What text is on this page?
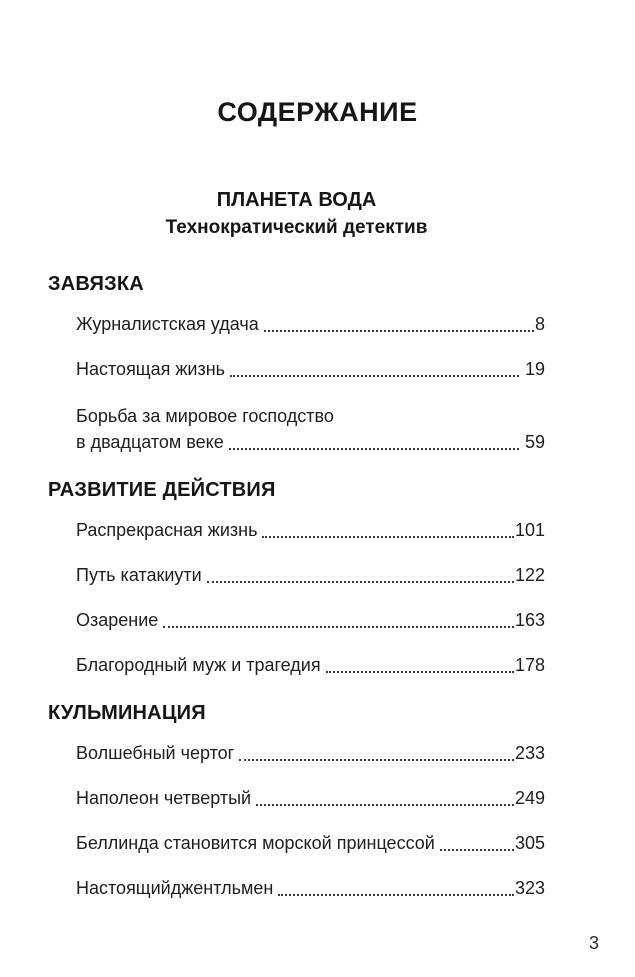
СОДЕРЖАНИЕ
ПЛАНЕТА ВОДА
Технократический детектив
ЗАВЯЗКА
Журналистская удача	8
Настоящая жизнь	19
Борьба за мировое господство
в двадцатом веке	59
РАЗВИТИЕ ДЕЙСТВИЯ
Распрекрасная жизнь	101
Путь катакиути	122
Озарение	163
Благородный муж и трагедия	178
КУЛЬМИНАЦИЯ
Волшебный чертог	233
Наполеон четвертый	249
Беллинда становится морской принцессой	305
Настоящийджентльмен	323
3
